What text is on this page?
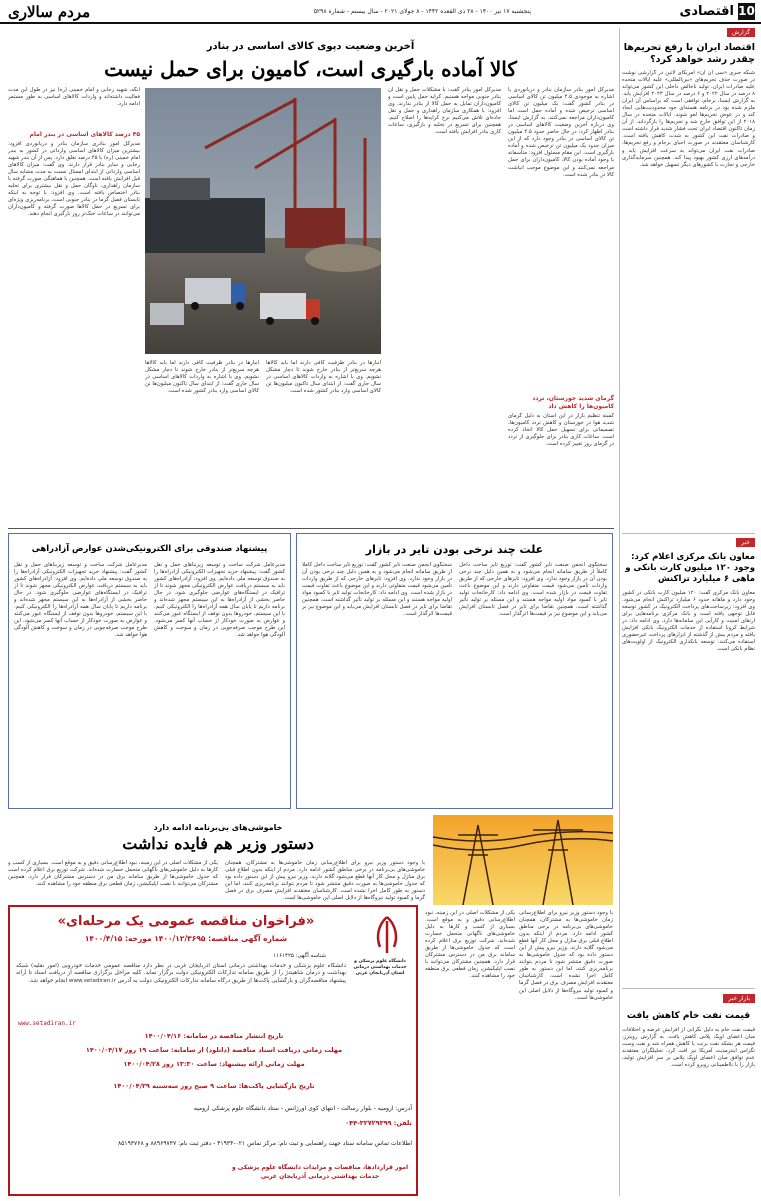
10
اقتصادی
پنجشنبه ۱۷ تیر ۱۴۰۰ - ۲۸ ذی القعده ۱۴۴۲ - ۸ جولای ۲۰۲۱ - سال بیستم - شماره ۵۲۹۸
مردم سالاری
گزارش
اقتصاد ایران با رفع تحریم‌ها چقدر رشد خواهد کرد؟
شبکه خبری «سی ان ان» آمریکای لاتین در گزارشی نوشت در صورت حذف تحریم‌های «بین‌المللی» علیه ایالات متحده علیه صادرات ایران، تولید ناخالص داخلی این کشور می‌تواند ۸ درصد در سال ۲۰۲۲ و ۶ درصد در سال ۲۰۲۳ افزایش یابد. به گزارش ایسنا، برجام، توافقی است که براساس آن ایران ملزم شده بود در برنامه هسته‌ای خود محدودیت‌هایی ایجاد کند و در عوض تحریم‌ها لغو شوند. ایالات متحده در سال ۲۰۱۸ از این توافق خارج شد و تحریم‌ها را بازگرداند. از آن زمان تاکنون اقتصاد ایران تحت فشار شدید قرار داشته است و صادرات نفت این کشور به شدت کاهش یافته است. کارشناسان معتقدند در صورت احیای برجام و رفع تحریم‌ها، صادرات نفت ایران می‌تواند به سرعت افزایش یابد و درآمدهای ارزی کشور بهبود پیدا کند. همچنین سرمایه‌گذاری خارجی و تجارت با کشورهای دیگر تسهیل خواهد شد.
خبر
معاون بانک مرکزی اعلام کرد: وجود ۱۲۰ میلیون کارت بانکی و ماهی ۶ میلیارد تراکنش
معاون بانک مرکزی گفت: ۱۲۰ میلیون کارت بانکی در کشور وجود دارد و ماهانه حدود ۶ میلیارد تراکنش انجام می‌شود. وی افزود: زیرساخت‌های پرداخت الکترونیک در کشور توسعه قابل توجهی یافته است و بانک مرکزی برنامه‌هایی برای ارتقای امنیت و کارآیی این سامانه‌ها دارد. وی ادامه داد: در شرایط کرونا استفاده از خدمات الکترونیک بانکی افزایش یافته و مردم بیش از گذشته از ابزارهای پرداخت غیرحضوری استفاده می‌کنند. توسعه بانکداری الکترونیک از اولویت‌های نظام بانکی است.
بازار خبر
قیمت نفت خام کاهش یافت
قیمت نفت خام به دلیل نگرانی از افزایش عرضه و اختلافات میان اعضای اوپک پلاس کاهش یافت. به گزارش رویترز، قیمت هر بشکه نفت برنت با کاهش همراه شد و نفت وست تگزاس اینترمدیت آمریکا نیز افت کرد. تحلیلگران معتقدند عدم توافق میان اعضای اوپک پلاس بر سر افزایش تولید، بازار را با نااطمینانی روبرو کرده است.
آخرین وضعیت دپوی کالای اساسی در بنادر
کالا آماده بارگیری است، کامیون برای حمل نیست
مدیرکل امور بنادر سازمان بنادر و دریانوردی با اشاره به موجودی ۴.۵ میلیون تن کالای اساسی در بنادر کشور گفت: یک میلیون تن کالای اساسی ترخیص شده و آماده حمل است اما کامیون‌داران مراجعه نمی‌کنند. به گزارش ایسنا، وی درباره آخرین وضعیت کالاهای اساسی در بنادر اظهار کرد: در حال حاضر حدود ۴.۵ میلیون تن کالای اساسی در بنادر وجود دارد که از این میزان حدود یک میلیون تن ترخیص شده و آماده بارگیری است. این مقام مسئول افزود: متأسفانه با وجود آماده بودن کالا، کامیون‌داران برای حمل مراجعه نمی‌کنند و این موضوع موجب انباشت کالا در بنادر شده است.
گرمای شدید خوزستان، تردد کامیون‌ها را کاهش داد
کمیته تنظیم بازار در این استان به دلیل گرمای شدید هوا در خوزستان و کاهش تردد کامیون‌ها، تصمیماتی برای تسهیل حمل کالا اتخاذ کرده است. ساعات کاری بنادر برای جلوگیری از تردد در گرمای روز تغییر کرده است.
مدیرکل امور بنادر گفت: با مشکلات حمل و نقل آن بنادر جنوبی مواجه هستیم. کرایه حمل پایین است و کامیون‌داران تمایل به حمل کالا از بنادر ندارند. وی افزود: با همکاری سازمان راهداری و حمل و نقل جاده‌ای تلاش می‌کنیم نرخ کرایه‌ها را اصلاح کنیم. همچنین برای تسریع در تخلیه و بارگیری، ساعات کاری بنادر افزایش یافته است.
انبارها در بنادر ظرفیت کافی دارند اما باید کالاها هرچه سریع‌تر از بنادر خارج شوند تا دچار مشکل نشویم. وی با اشاره به واردات کالاهای اساسی در سال جاری گفت: از ابتدای سال تاکنون میلیون‌ها تن کالای اساسی وارد بنادر کشور شده است.
انبارها در بنادر ظرفیت کافی دارند اما باید کالاها هرچه سریع‌تر از بنادر خارج شوند تا دچار مشکل نشویم. وی با اشاره به واردات کالاهای اساسی در سال جاری گفت: از ابتدای سال تاکنون میلیون‌ها تن کالای اساسی وارد بنادر کشور شده است.
انگه، شهید رجایی و امام خمینی (ره) نیز در طول این مدت فعالیت داشته‌اند و واردات کالاهای اساسی به طور مستمر ادامه دارد.
۴۵ درصد کالاهای اساسی در بندر امام
مدیرکل امور بنادری سازمان بنادر و دریانوردی افزود: بیشترین میزان کالاهای اساسی وارداتی در کشور به بندر امام خمینی (ره) با ۴۵ درصد تعلق دارد. پس از آن بندر شهید رجایی و سایر بنادر قرار دارند. وی گفت: میزان کالاهای اساسی وارداتی از ابتدای امسال نسبت به مدت مشابه سال قبل افزایش یافته است. همچنین با هماهنگی صورت گرفته با سازمان راهداری، ناوگان حمل و نقل بیشتری برای تخلیه بنادر اختصاص یافته است. وی افزود: با توجه به اینکه تابستان فصل گرما در بنادر جنوبی است، برنامه‌ریزی ویژه‌ای برای تسریع در حمل کالاها صورت گرفته و کامیون‌داران می‌توانند در ساعات خنک‌تر روز بارگیری انجام دهند.
علت چند نرخی بودن تایر در بازار
سخنگوی انجمن صنعت تایر کشور گفت: توزیع تایر ساخت داخل کاملاً از طریق سامانه انجام می‌شود و به همین دلیل چند نرخی بودن آن در بازار وجود ندارد. وی افزود: تایرهای خارجی که از طریق واردات تأمین می‌شود قیمت متفاوتی دارند و این موضوع باعث تفاوت قیمت در بازار شده است. وی ادامه داد: کارخانجات تولید تایر با کمبود مواد اولیه مواجه هستند و این مسئله بر تولید تأثیر گذاشته است. همچنین تقاضا برای تایر در فصل تابستان افزایش می‌یابد و این موضوع نیز بر قیمت‌ها اثرگذار است.
سخنگوی انجمن صنعت تایر کشور گفت: توزیع تایر ساخت داخل کاملاً از طریق سامانه انجام می‌شود و به همین دلیل چند نرخی بودن آن در بازار وجود ندارد. وی افزود: تایرهای خارجی که از طریق واردات تأمین می‌شود قیمت متفاوتی دارند و این موضوع باعث تفاوت قیمت در بازار شده است. وی ادامه داد: کارخانجات تولید تایر با کمبود مواد اولیه مواجه هستند و این مسئله بر تولید تأثیر گذاشته است. همچنین تقاضا برای تایر در فصل تابستان افزایش می‌یابد و این موضوع نیز بر قیمت‌ها اثرگذار است.
پیشنهاد صندوقی برای الکترونیکی‌شدن عوارض آزادراهی
مدیرعامل شرکت ساخت و توسعه زیربناهای حمل و نقل کشور گفت: پیشنهاد خرید تجهیزات الکترونیکی آزادراه‌ها را به صندوق توسعه ملی داده‌ایم. وی افزود: آزادراه‌های کشور باید به سیستم دریافت عوارض الکترونیکی مجهز شوند تا از ترافیک در ایستگاه‌های عوارضی جلوگیری شود. در حال حاضر بخشی از آزادراه‌ها به این سیستم مجهز شده‌اند و برنامه داریم تا پایان سال همه آزادراه‌ها را الکترونیکی کنیم. با این سیستم، خودروها بدون توقف از ایستگاه عبور می‌کنند و عوارض به صورت خودکار از حساب آنها کسر می‌شود. این طرح موجب صرفه‌جویی در زمان و سوخت و کاهش آلودگی هوا خواهد شد.
مدیرعامل شرکت ساخت و توسعه زیربناهای حمل و نقل کشور گفت: پیشنهاد خرید تجهیزات الکترونیکی آزادراه‌ها را به صندوق توسعه ملی داده‌ایم. وی افزود: آزادراه‌های کشور باید به سیستم دریافت عوارض الکترونیکی مجهز شوند تا از ترافیک در ایستگاه‌های عوارضی جلوگیری شود. در حال حاضر بخشی از آزادراه‌ها به این سیستم مجهز شده‌اند و برنامه داریم تا پایان سال همه آزادراه‌ها را الکترونیکی کنیم. با این سیستم، خودروها بدون توقف از ایستگاه عبور می‌کنند و عوارض به صورت خودکار از حساب آنها کسر می‌شود. این طرح موجب صرفه‌جویی در زمان و سوخت و کاهش آلودگی هوا خواهد شد.
خاموشی‌های بی‌برنامه ادامه دارد
دستور وزیر هم فایده نداشت
با وجود دستور وزیر نیرو برای اطلاع‌رسانی زمان خاموشی‌ها به مشترکان، همچنان خاموشی‌های بی‌برنامه در برخی مناطق کشور ادامه دارد. مردم از اینکه بدون اطلاع قبلی برق منازل و محل کار آنها قطع می‌شود گلایه دارند. وزیر نیرو پیش از این دستور داده بود که جدول خاموشی‌ها به صورت دقیق منتشر شود تا مردم بتوانند برنامه‌ریزی کنند، اما این دستور به طور کامل اجرا نشده است. کارشناسان معتقدند افزایش مصرف برق در فصل گرما و کمبود تولید نیروگاه‌ها از دلایل اصلی این خاموشی‌ها است.
یکی از مشکلات اصلی در این زمینه، نبود اطلاع‌رسانی دقیق و به موقع است. بسیاری از کسب و کارها به دلیل خاموشی‌های ناگهانی متحمل خسارت شده‌اند. شرکت توزیع برق اعلام کرده است که جدول خاموشی‌ها از طریق سامانه برق من در دسترس مشترکان قرار دارد. همچنین مشترکان می‌توانند با نصب اپلیکیشن، زمان قطعی برق منطقه خود را مشاهده کنند.
با وجود دستور وزیر نیرو برای اطلاع‌رسانی زمان خاموشی‌ها به مشترکان، همچنان خاموشی‌های بی‌برنامه در برخی مناطق کشور ادامه دارد. مردم از اینکه بدون اطلاع قبلی برق منازل و محل کار آنها قطع می‌شود گلایه دارند. وزیر نیرو پیش از این دستور داده بود که جدول خاموشی‌ها به صورت دقیق منتشر شود تا مردم بتوانند برنامه‌ریزی کنند، اما این دستور به طور کامل اجرا نشده است. کارشناسان معتقدند افزایش مصرف برق در فصل گرما و کمبود تولید نیروگاه‌ها از دلایل اصلی این خاموشی‌ها است.
یکی از مشکلات اصلی در این زمینه، نبود اطلاع‌رسانی دقیق و به موقع است. بسیاری از کسب و کارها به دلیل خاموشی‌های ناگهانی متحمل خسارت شده‌اند. شرکت توزیع برق اعلام کرده است که جدول خاموشی‌ها از طریق سامانه برق من در دسترس مشترکان قرار دارد. همچنین مشترکان می‌توانند با نصب اپلیکیشن، زمان قطعی برق منطقه خود را مشاهده کنند.
«فراخوان مناقصه عمومی یک مرحله‌ای»
شماره آگهی مناقصه: ۱۴۰۰/۱۲/۳۶۹۵ مورخه: ۱۴۰۰/۴/۱۵
دانشگاه علوم پزشکی و خدمات بهداشتی درمانی استان آذربایجان غربی
شناسه آگهی: ۱۱۶۱۴۲۵
دانشگاه علوم پزشکی و خدمات بهداشتی درمانی استان آذربایجان غربی در نظر دارد مناقصه عمومی خدمات خودرویی (امور نقلیه) شبکه بهداشت و درمان شاهیندژ را از طریق سامانه تدارکات الکترونیکی دولت برگزار نماید. کلیه مراحل برگزاری مناقصه از دریافت اسناد تا ارائه پیشنهاد مناقصه‌گران و بازگشایی پاکت‌ها از طریق درگاه سامانه تدارکات الکترونیکی دولت به آدرس www.setadiran.ir انجام خواهد شد.
www.setadiran.ir
تاریخ انتشار مناقصه در سامانه: ۱۴۰۰/۰۴/۱۶
مهلت زمانی دریافت اسناد مناقصه (دانلود) از سامانه: ساعت ۱۹ روز ۱۴۰۰/۰۴/۱۷
مهلت زمانی ارائه پیشنهاد: ساعت ۱۳:۳۰ روز ۱۴۰۰/۰۴/۲۸
تاریخ بازگشایی پاکت‌ها: ساعت ۹ صبح روز سه‌شنبه ۱۴۰۰/۰۴/۲۹
آدرس: ارومیه - بلوار رسالت - انتهای کوی اورژانس - ستاد دانشگاه علوم پزشکی ارومیه
تلفن: ۳۲۷۲۹۳۹۹-۰۴۴
اطلاعات تماس سامانه ستاد جهت راهنمایی و ثبت نام: مرکز تماس ۰۲۱-۴۱۹۳۴ - دفتر ثبت نام: ۸۸۹۶۹۷۳۷ و ۸۵۱۹۳۷۶۸
امور قراردادها، مناقصات و مزایدات دانشگاه علوم پزشکی و خدمات بهداشتی درمانی آذربایجان غربی
